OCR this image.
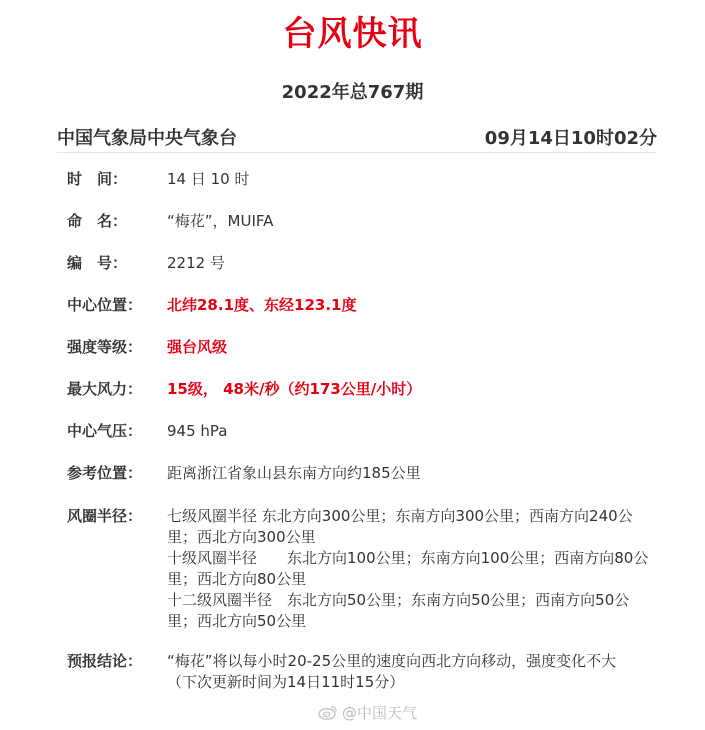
台风快讯
2022年总767期
中国气象局中央气象台	09月14日10时02分
时　间：	14 日 10 时
命　名：	“梅花”，MUIFA
编　号：	2212 号
中心位置：	北纬28.1度、东经123.1度
强度等级：	强台风级
最大风力：	15级， 48米/秒（约173公里/小时）
中心气压：	945 hPa
参考位置：	距离浙江省象山县东南方向约185公里
风圈半径：	七级风圈半径 东北方向300公里；东南方向300公里；西南方向240公里；西北方向300公里
十级风圈半径　　东北方向100公里；东南方向100公里；西南方向80公里；西北方向80公里
十二级风圈半径　东北方向50公里；东南方向50公里；西南方向50公里；西北方向50公里
预报结论：	“梅花”将以每小时20-25公里的速度向西北方向移动，强度变化不大
（下次更新时间为14日11时15分）
@中国天气
